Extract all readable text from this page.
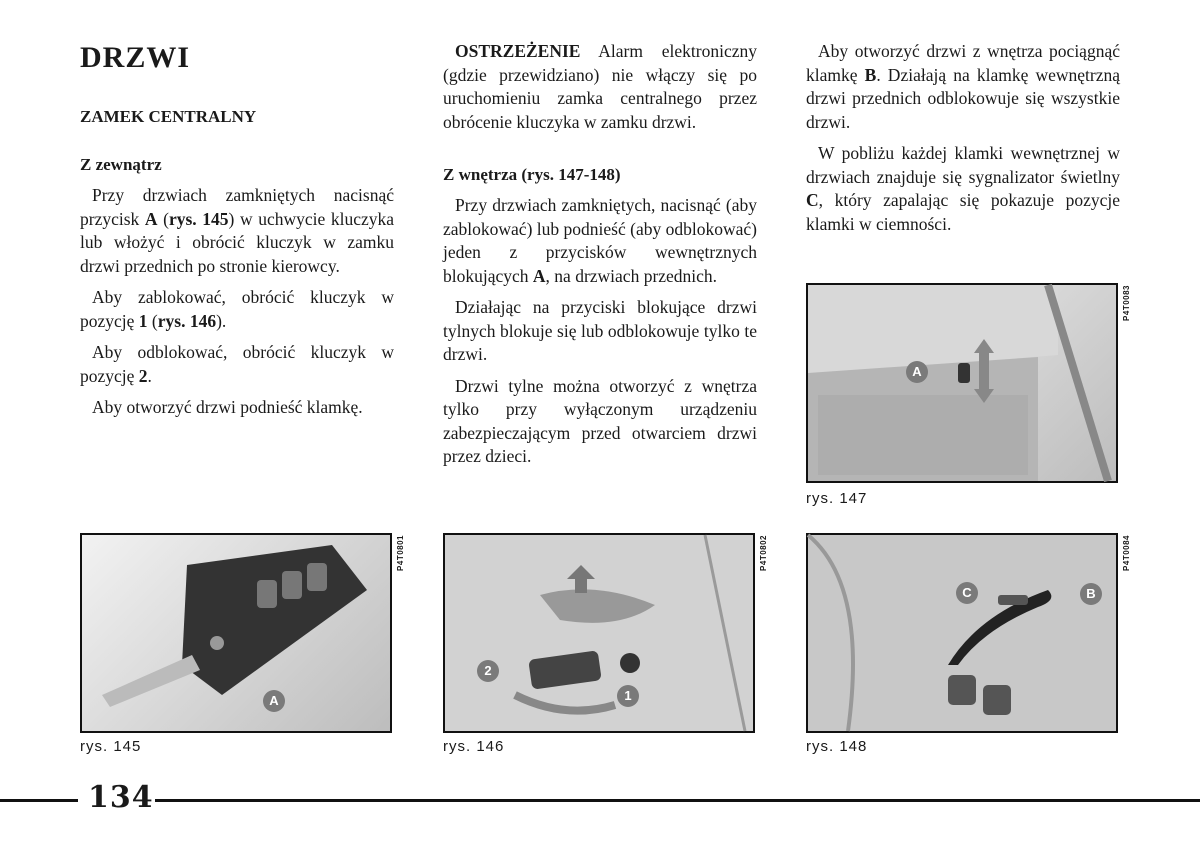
DRZWI
ZAMEK CENTRALNY
Z zewnątrz

Przy drzwiach zamkniętych nacisnąć przycisk A (rys. 145) w uchwycie kluczyka lub włożyć i obrócić kluczyk w zamku drzwi przednich po stronie kierowcy.

Aby zablokować, obrócić kluczyk w pozycję 1 (rys. 146).

Aby odblokować, obrócić kluczyk w pozycję 2.

Aby otworzyć drzwi podnieść klamkę.

OSTRZEŻENIE Alarm elektroniczny (gdzie przewidziano) nie włączy się po uruchomieniu zamka centralnego przez obrócenie kluczyka w zamku drzwi.

Z wnętrza (rys. 147-148)

Przy drzwiach zamkniętych, nacisnąć (aby zablokować) lub podnieść (aby odblokować) jeden z przycisków wewnętrznych blokujących A, na drzwiach przednich.

Działając na przyciski blokujące drzwi tylnych blokuje się lub odblokowuje tylko te drzwi.

Drzwi tylne można otworzyć z wnętrza tylko przy wyłączonym urządzeniu zabezpieczającym przed otwarciem drzwi przez dzieci.

Aby otworzyć drzwi z wnętrza pociągnąć klamkę B. Działają na klamkę wewnętrzną drzwi przednich odblokowuje się wszystkie drzwi.

W pobliżu każdej klamki wewnętrznej w drzwiach znajduje się sygnalizator świetlny C, który zapalając się pokazuje pozycje klamki w ciemności.

A
P4T0083
rys. 147
A
P4T0801
rys. 145
2
1
P4T0802
rys. 146
C	B
P4T0084
rys. 148
134
